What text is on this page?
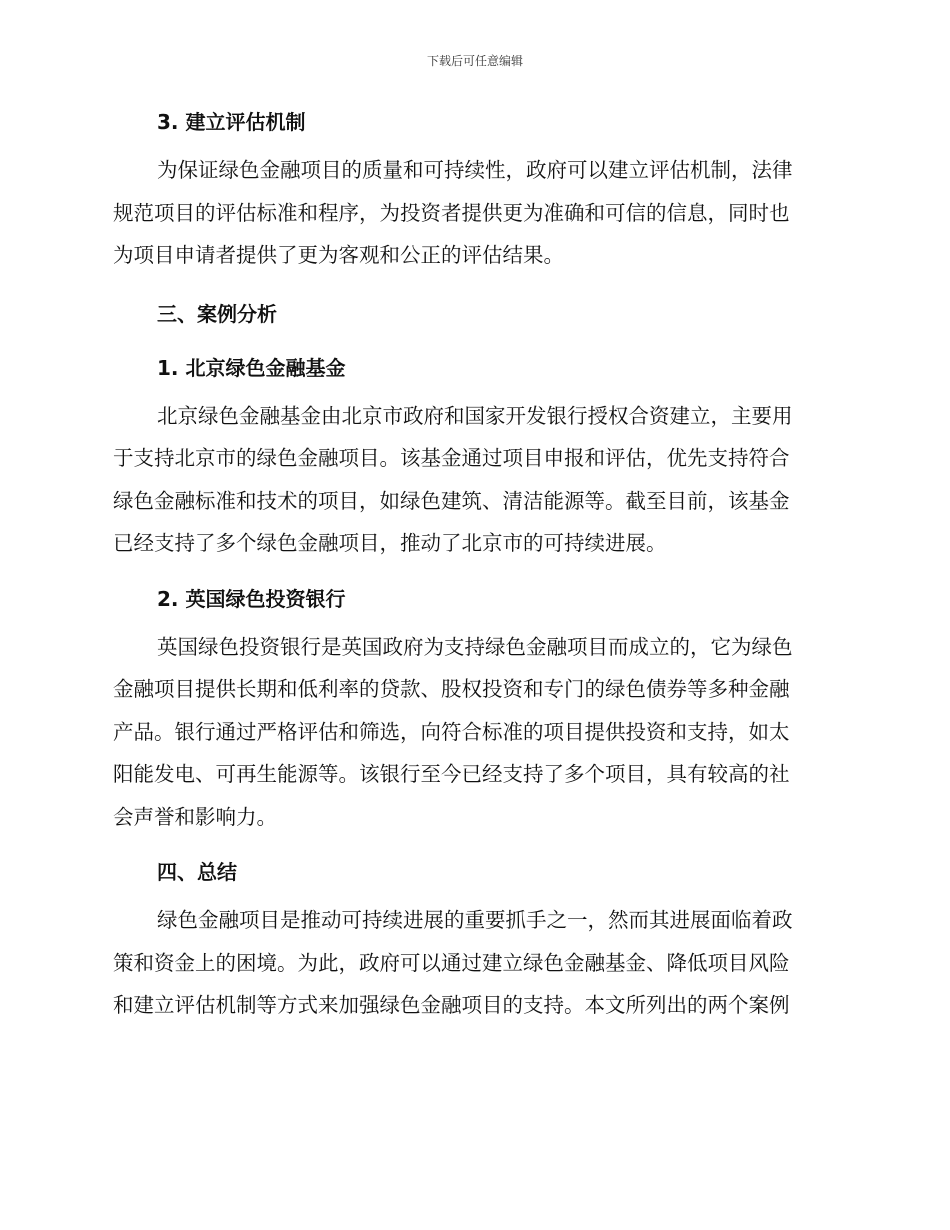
下载后可任意编辑
3. 建立评估机制
为保证绿色金融项目的质量和可持续性，政府可以建立评估机制，法律
规范项目的评估标准和程序，为投资者提供更为准确和可信的信息，同时也
为项目申请者提供了更为客观和公正的评估结果。
三、案例分析
1. 北京绿色金融基金
北京绿色金融基金由北京市政府和国家开发银行授权合资建立，主要用
于支持北京市的绿色金融项目。该基金通过项目申报和评估，优先支持符合
绿色金融标准和技术的项目，如绿色建筑、清洁能源等。截至目前，该基金
已经支持了多个绿色金融项目，推动了北京市的可持续进展。
2. 英国绿色投资银行
英国绿色投资银行是英国政府为支持绿色金融项目而成立的，它为绿色
金融项目提供长期和低利率的贷款、股权投资和专门的绿色债券等多种金融
产品。银行通过严格评估和筛选，向符合标准的项目提供投资和支持，如太
阳能发电、可再生能源等。该银行至今已经支持了多个项目，具有较高的社
会声誉和影响力。
四、总结
绿色金融项目是推动可持续进展的重要抓手之一，然而其进展面临着政
策和资金上的困境。为此，政府可以通过建立绿色金融基金、降低项目风险
和建立评估机制等方式来加强绿色金融项目的支持。本文所列出的两个案例
